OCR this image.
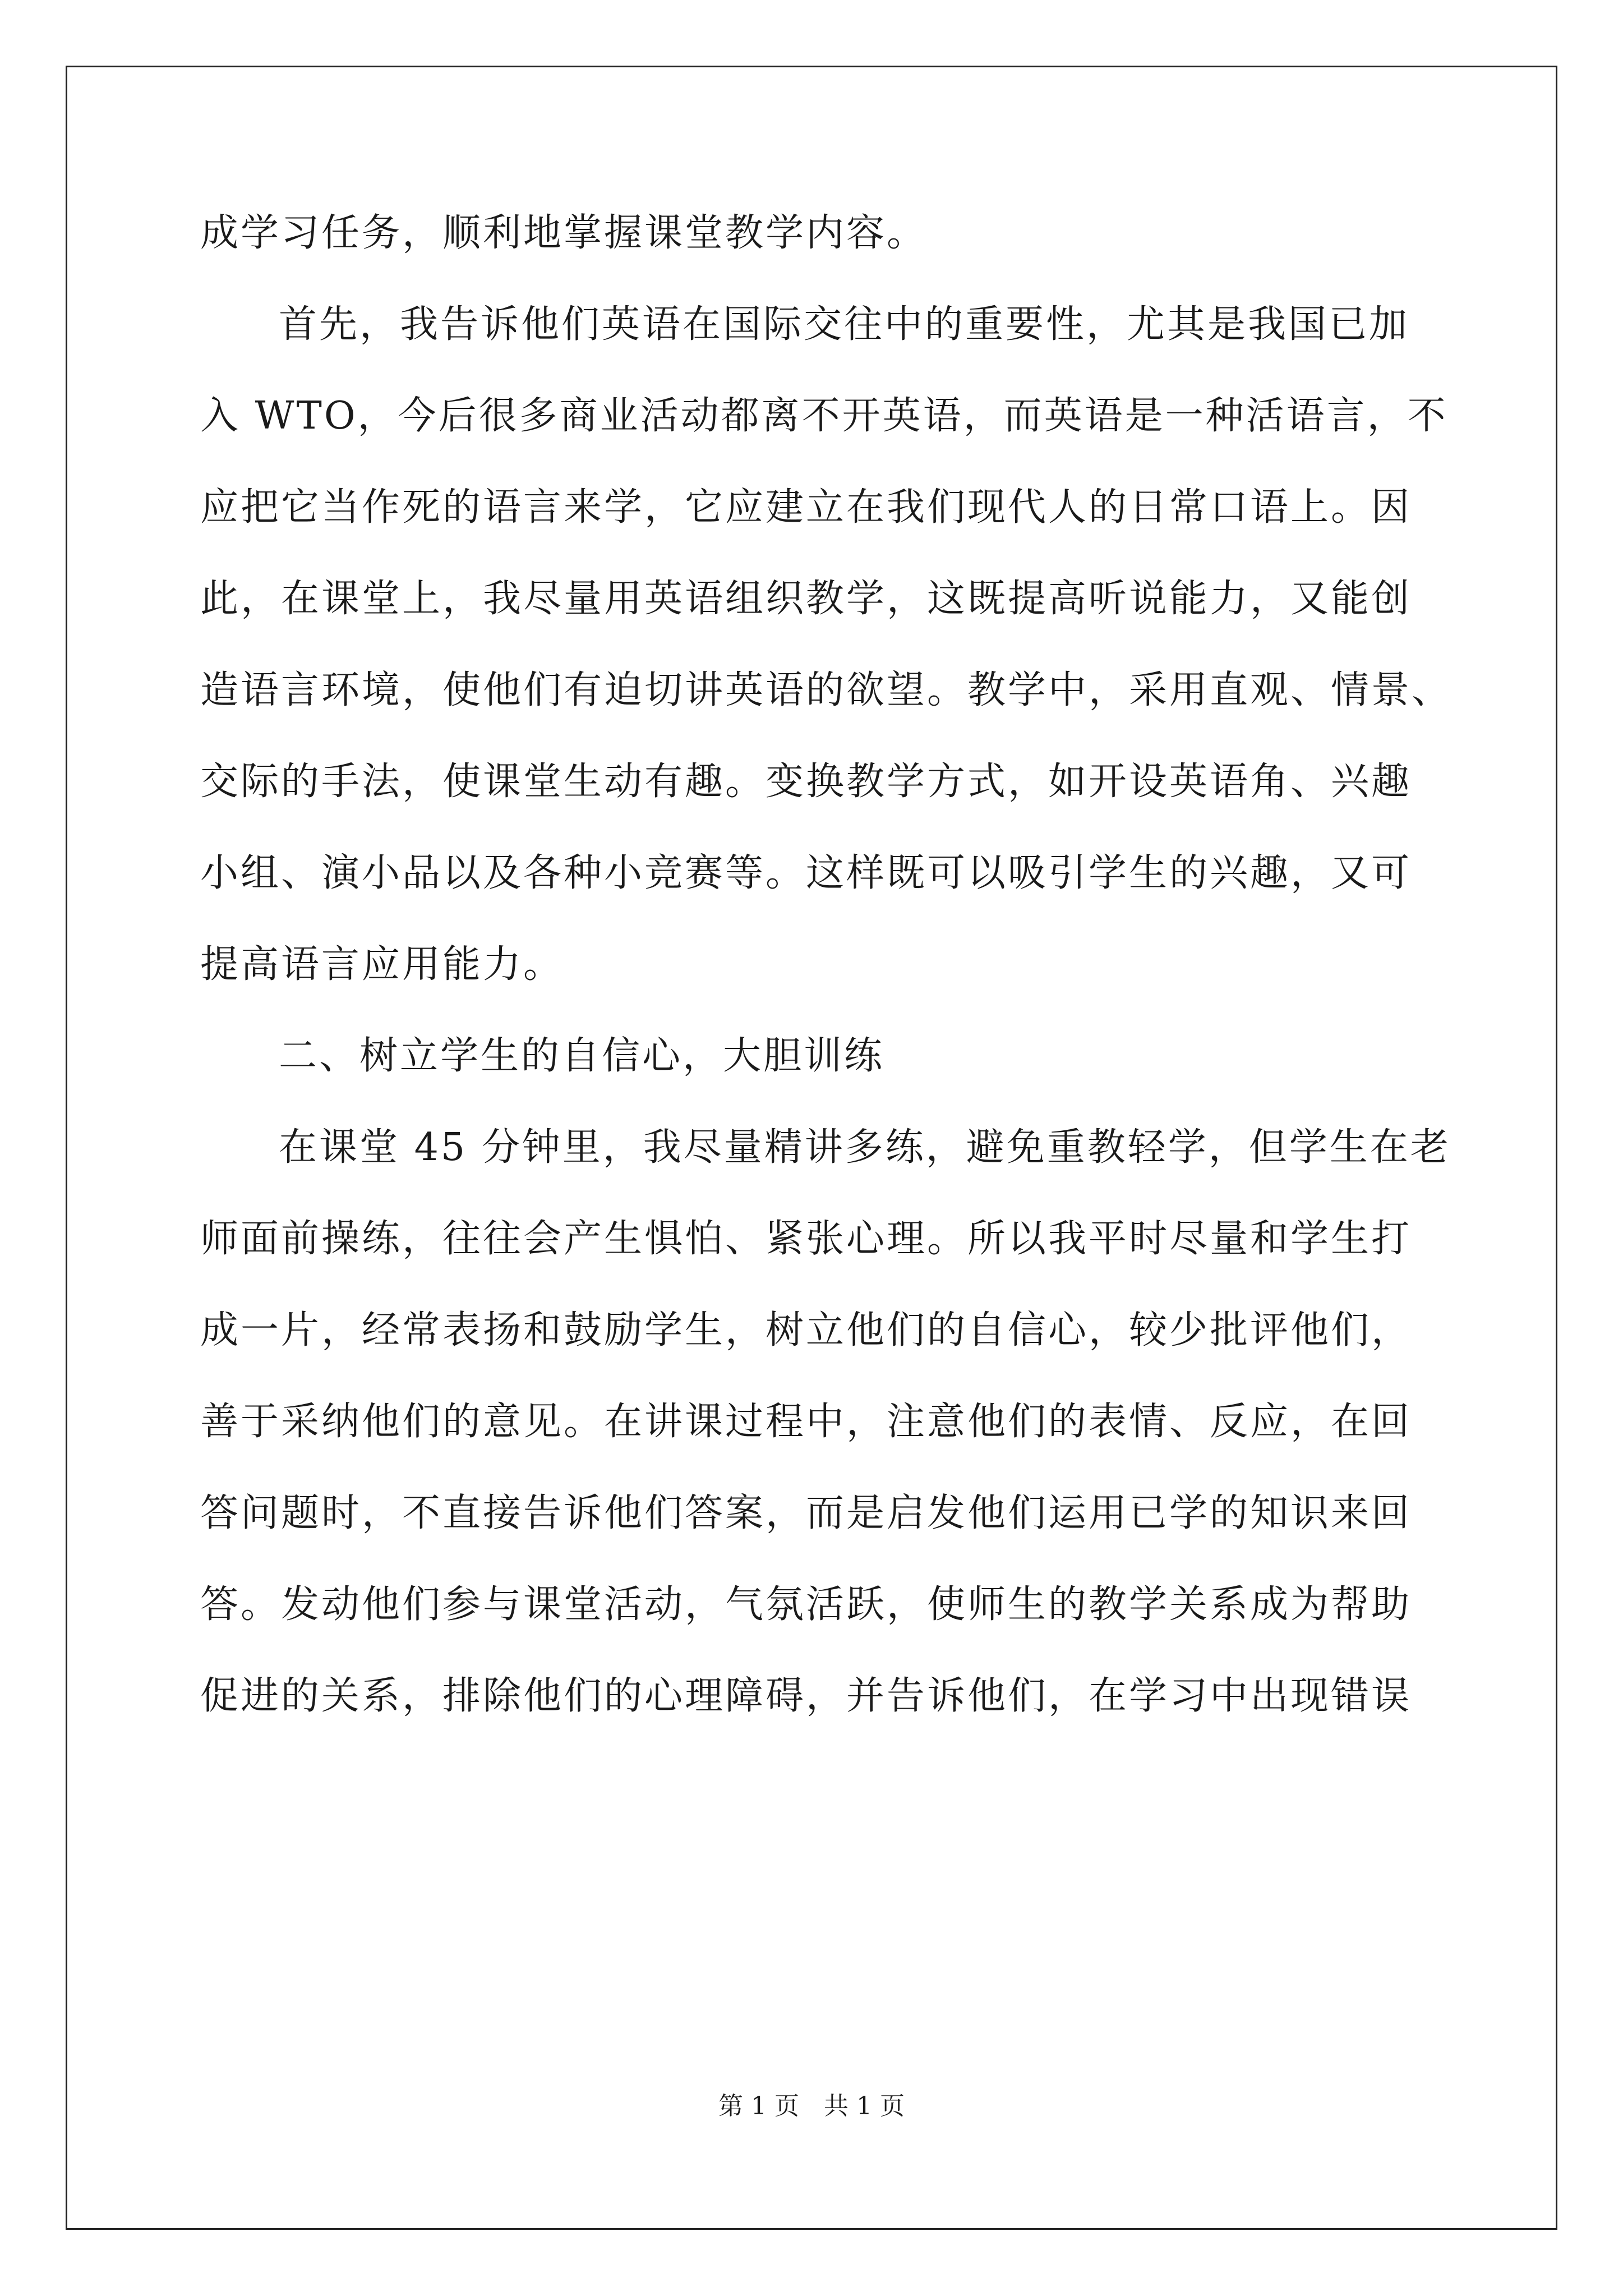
成学习任务，顺利地掌握课堂教学内容。
首先，我告诉他们英语在国际交往中的重要性，尤其是我国已加
入 WTO，今后很多商业活动都离不开英语，而英语是一种活语言，不
应把它当作死的语言来学，它应建立在我们现代人的日常口语上。因
此，在课堂上，我尽量用英语组织教学，这既提高听说能力，又能创
造语言环境，使他们有迫切讲英语的欲望。教学中，采用直观、情景、
交际的手法，使课堂生动有趣。变换教学方式，如开设英语角、兴趣
小组、演小品以及各种小竞赛等。这样既可以吸引学生的兴趣，又可
提高语言应用能力。
二、树立学生的自信心，大胆训练
在课堂 45 分钟里，我尽量精讲多练，避免重教轻学，但学生在老
师面前操练，往往会产生惧怕、紧张心理。所以我平时尽量和学生打
成一片，经常表扬和鼓励学生，树立他们的自信心，较少批评他们，
善于采纳他们的意见。在讲课过程中，注意他们的表情、反应，在回
答问题时，不直接告诉他们答案，而是启发他们运用已学的知识来回
答。发动他们参与课堂活动，气氛活跃，使师生的教学关系成为帮助
促进的关系，排除他们的心理障碍，并告诉他们，在学习中出现错误
第 1 页　共 1 页
